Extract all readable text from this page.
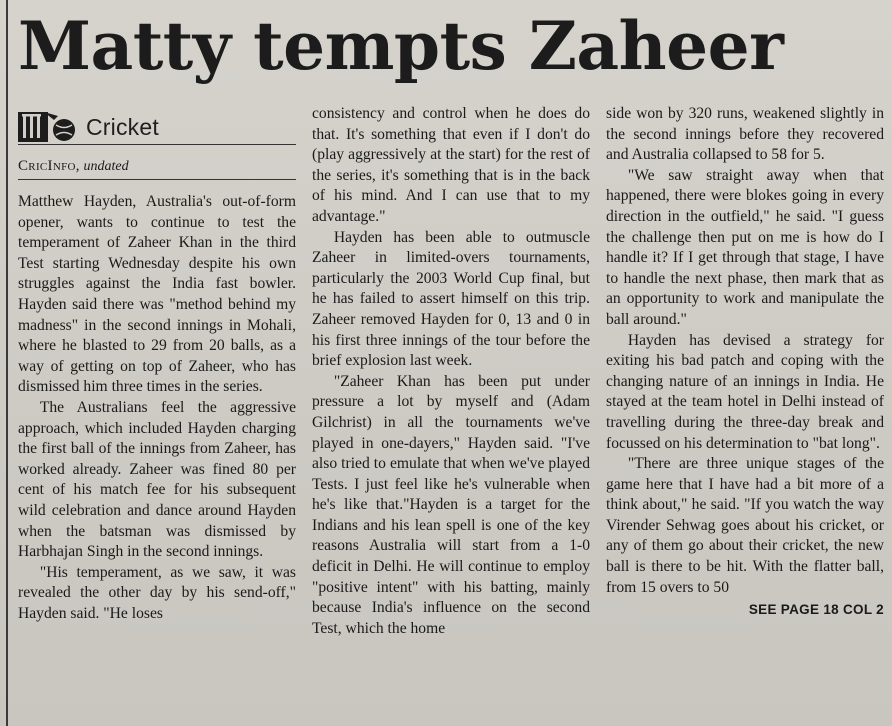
Matty tempts Zaheer
Cricket
CricInfo, undated

Matthew Hayden, Australia's out-of-form opener, wants to continue to test the temperament of Zaheer Khan in the third Test starting Wednesday despite his own struggles against the India fast bowler. Hayden said there was "method behind my madness" in the second innings in Mohali, where he blasted to 29 from 20 balls, as a way of getting on top of Zaheer, who has dismissed him three times in the series.

The Australians feel the aggressive approach, which included Hayden charging the first ball of the innings from Zaheer, has worked already. Zaheer was fined 80 per cent of his match fee for his subsequent wild celebration and dance around Hayden when the batsman was dismissed by Harbhajan Singh in the second innings.

"His temperament, as we saw, it was revealed the other day by his send-off," Hayden said. "He loses

consistency and control when he does do that. It's something that even if I don't do (play aggressively at the start) for the rest of the series, it's something that is in the back of his mind. And I can use that to my advantage."

Hayden has been able to outmuscle Zaheer in limited-overs tournaments, particularly the 2003 World Cup final, but he has failed to assert himself on this trip. Zaheer removed Hayden for 0, 13 and 0 in his first three innings of the tour before the brief explosion last week.

"Zaheer Khan has been put under pressure a lot by myself and (Adam Gilchrist) in all the tournaments we've played in one-dayers," Hayden said. "I've also tried to emulate that when we've played Tests. I just feel like he's vulnerable when he's like that."Hayden is a target for the Indians and his lean spell is one of the key reasons Australia will start from a 1-0 deficit in Delhi. He will continue to employ "positive intent" with his batting, mainly because India's influence on the second Test, which the home

side won by 320 runs, weakened slightly in the second innings before they recovered and Australia collapsed to 58 for 5.

"We saw straight away when that happened, there were blokes going in every direction in the outfield," he said. "I guess the challenge then put on me is how do I handle it? If I get through that stage, I have to handle the next phase, then mark that as an opportunity to work and manipulate the ball around."

Hayden has devised a strategy for exiting his bad patch and coping with the changing nature of an innings in India. He stayed at the team hotel in Delhi instead of travelling during the three-day break and focussed on his determination to "bat long".

"There are three unique stages of the game here that I have had a bit more of a think about," he said. "If you watch the way Virender Sehwag goes about his cricket, or any of them go about their cricket, the new ball is there to be hit. With the flatter ball, from 15 overs to 50

SEE PAGE 18 COL 2
